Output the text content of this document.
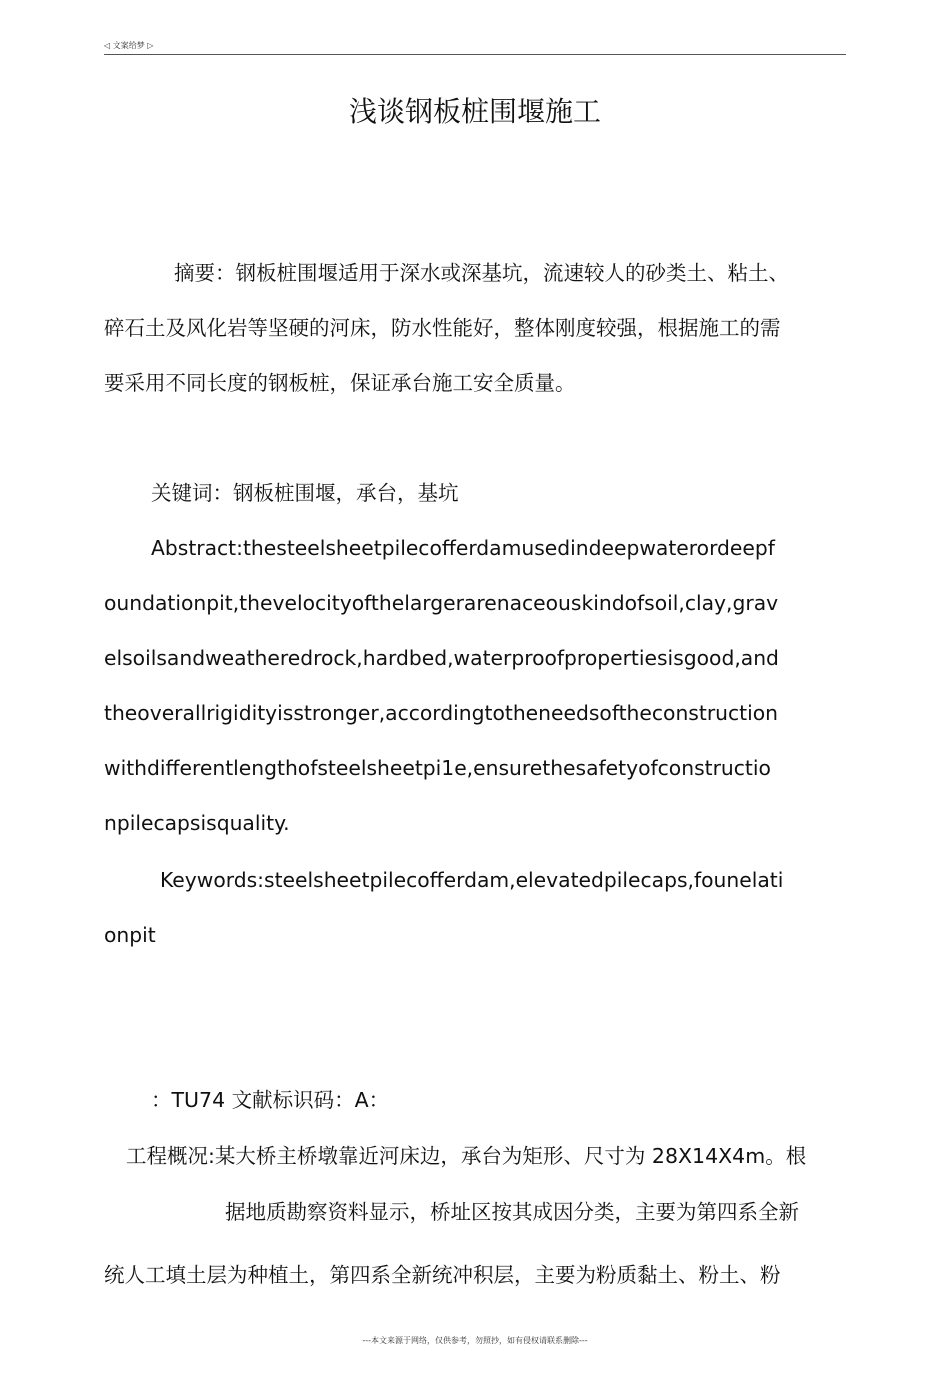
◁ 文案给梦 ▷
浅谈钢板桩围堰施工
摘要：钢板桩围堰适用于深水或深基坑，流速较人的砂类土、粘土、
碎石土及风化岩等坚硬的河床，防水性能好，整体刚度较强，根据施工的需
要采用不同长度的钢板桩，保证承台施工安全质量。
关键词：钢板桩围堰，承台，基坑
Abstract:thesteelsheetpilecofferdamusedindeepwaterordeepf
oundationpit,thevelocityofthelargerarenaceouskindofsoil,clay,grav
elsoilsandweatheredrock,hardbed,waterproofpropertiesisgood,and
theoverallrigidityisstronger,accordingtotheneedsoftheconstruction
withdifferentlengthofsteelsheetpi1e,ensurethesafetyofconstructio
npilecapsisquality.
Keywords:steelsheetpilecofferdam,elevatedpilecaps,founelati
onpit
：TU74 文献标识码：A：
工程概况:某大桥主桥墩靠近河床边，承台为矩形、尺寸为 28X14X4m。根
据地质勘察资料显示，桥址区按其成因分类，主要为第四系全新
统人工填土层为种植土，第四系全新统冲积层，主要为粉质黏土、粉土、粉
---本文来源于网络，仅供参考，勿照抄，如有侵权请联系删除---
